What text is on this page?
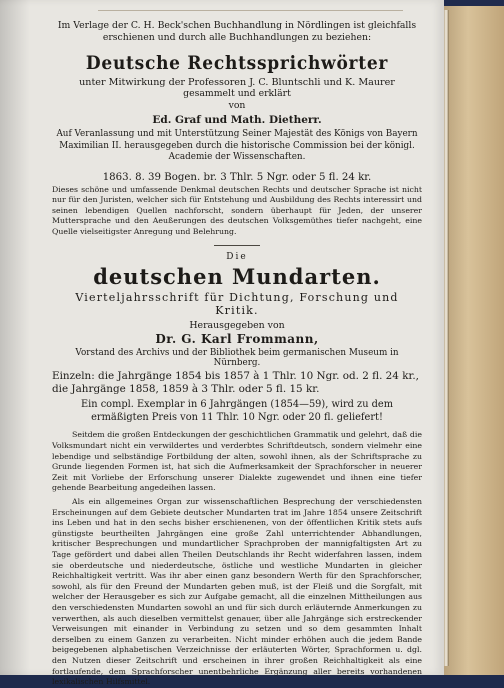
Im Verlage der C. H. Beck'schen Buchhandlung in Nördlingen ist gleichfalls erschienen und durch alle Buchhandlungen zu beziehen:
Deutsche Rechtssprichwörter
unter Mitwirkung der Professoren J. C. Bluntschli und K. Maurer
gesammelt und erklärt
von
Ed. Graf und Math. Dietherr.
Auf Veranlassung und mit Unterstützung Seiner Majestät des Königs von Bayern Maximilian II. herausgegeben durch die historische Commission bei der königl. Academie der Wissenschaften.
1863. 8. 39 Bogen. br. 3 Thlr. 5 Ngr. oder 5 fl. 24 kr.
Dieses schöne und umfassende Denkmal deutschen Rechts und deutscher Sprache ist nicht nur für den Juristen, welcher sich für Entstehung und Ausbildung des Rechts interessirt und seinen lebendigen Quellen nachforscht, sondern überhaupt für Jeden, der unserer Muttersprache und den Aeußerungen des deutschen Volksgemüthes tiefer nachgeht, eine Quelle vielseitigster Anregung und Belehrung.
Die
deutschen Mundarten.
Vierteljahrsschrift für Dichtung, Forschung und Kritik.
Herausgegeben von
Dr. G. Karl Frommann,
Vorstand des Archivs und der Bibliothek beim germanischen Museum in Nürnberg.
Einzeln: die Jahrgänge 1854 bis 1857 à 1 Thlr. 10 Ngr. od. 2 fl. 24 kr., die Jahrgänge 1858, 1859 à 3 Thlr. oder 5 fl. 15 kr.
Ein compl. Exemplar in 6 Jahrgängen (1854—59), wird zu dem ermäßigten Preis von 11 Thlr. 10 Ngr. oder 20 fl. geliefert!
Seitdem die großen Entdeckungen der geschichtlichen Grammatik und gelehrt, daß die Volksmundart nicht ein verwildertes und verderbtes Schriftdeutsch, sondern vielmehr eine lebendige und selbständige Fortbildung der alten, sowohl ihnen, als der Schriftsprache zu Grunde liegenden Formen ist, hat sich die Aufmerksamkeit der Sprachforscher in neuerer Zeit mit Vorliebe der Erforschung unserer Dialekte zugewendet und ihnen eine tiefer gehende Bearbeitung angedeihen lassen.
Als ein allgemeines Organ zur wissenschaftlichen Besprechung der verschiedensten Erscheinungen auf dem Gebiete deutscher Mundarten trat im Jahre 1854 unsere Zeitschrift ins Leben und hat in den sechs bisher erschienenen, von der öffentlichen Kritik stets aufs günstigste beurtheilten Jahrgängen eine große Zahl unterrichtender Abhandlungen, kritischer Besprechungen und mundartlicher Sprachproben der mannigfaltigsten Art zu Tage gefördert und dabei allen Theilen Deutschlands ihr Recht widerfahren lassen, indem sie oberdeutsche und niederdeutsche, östliche und westliche Mundarten in gleicher Reichhaltigkeit vertritt. Was ihr aber einen ganz besondern Werth für den Sprachforscher, sowohl, als für den Freund der Mundarten geben muß, ist der Fleiß und die Sorgfalt, mit welcher der Herausgeber es sich zur Aufgabe gemacht, all die einzelnen Mittheilungen aus den verschiedensten Mundarten sowohl an und für sich durch erläuternde Anmerkungen zu verwerthen, als auch dieselben vermittelst genauer, über alle Jahrgänge sich erstreckender Verweisungen mit einander in Verbindung zu setzen und so dem gesammten Inhalt derselben zu einem Ganzen zu verarbeiten. Nicht minder erhöhen auch die jedem Bande beigegebenen alphabetischen Verzeichnisse der erläuterten Wörter, Sprachformen u. dgl. den Nutzen dieser Zeitschrift und erscheinen in ihrer großen Reichhaltigkeit als eine fortlaufende, dem Sprachforscher unentbehrliche Ergänzung aller bereits vorhandenen lexikalischen Hilfsmittel.
